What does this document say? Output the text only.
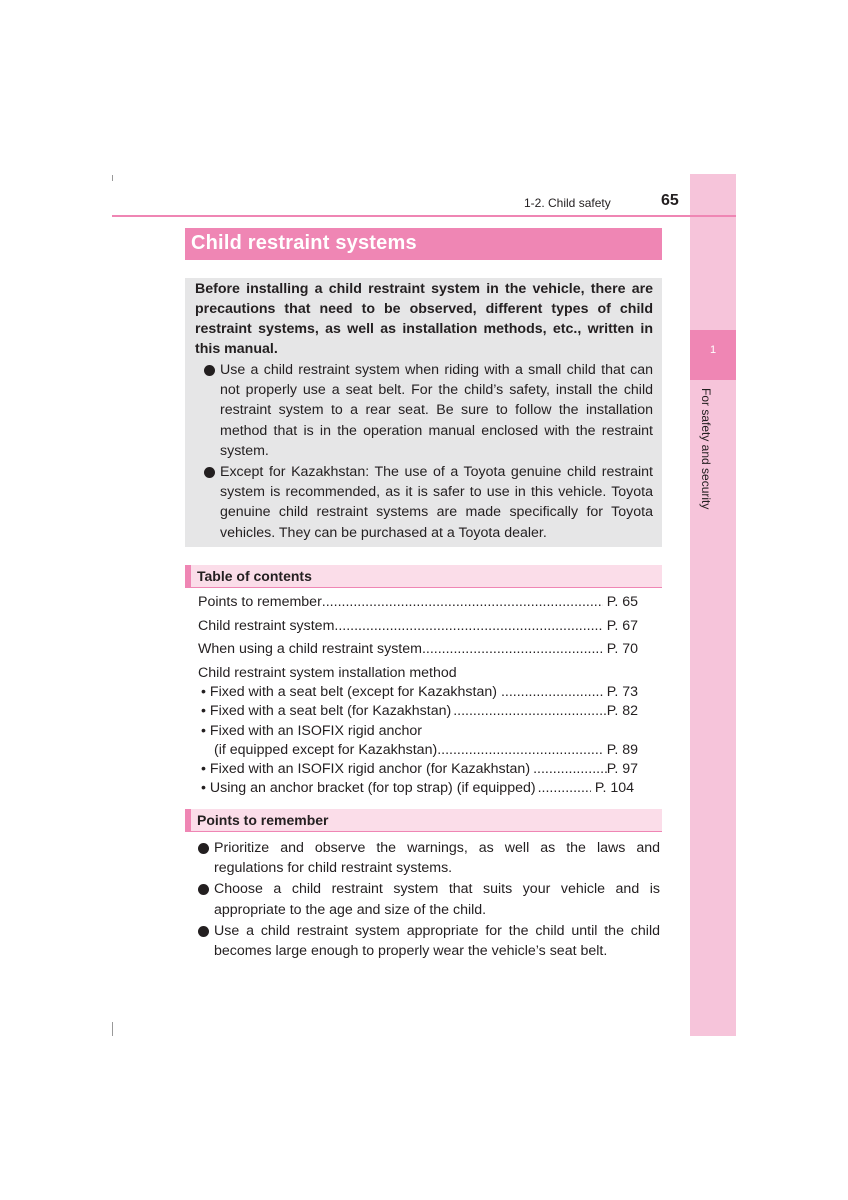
1
For safety and security
1-2. Child safety	65
Child restraint systems
Before installing a child restraint system in the vehicle, there are precautions that need to be observed, different types of child restraint systems, as well as installation methods, etc., written in this manual.
Use a child restraint system when riding with a small child that can not properly use a seat belt. For the child’s safety, install the child restraint system to a rear seat. Be sure to follow the installation method that is in the operation manual enclosed with the restraint system.
Except for Kazakhstan: The use of a Toyota genuine child restraint system is recommended, as it is safer to use in this vehicle. Toyota genuine child restraint systems are made specifically for Toyota vehicles. They can be purchased at a Toyota dealer.
Table of contents
Points to remember .....	P. 65
Child restraint system .....	P. 67
When using a child restraint system .....	P. 70
Child restraint system installation method
• Fixed with a seat belt (except for Kazakhstan) .....	P. 73
• Fixed with a seat belt (for Kazakhstan) .....	P. 82
• Fixed with an ISOFIX rigid anchor
(if equipped except for Kazakhstan) .....	P. 89
• Fixed with an ISOFIX rigid anchor (for Kazakhstan) .....	P. 97
• Using an anchor bracket (for top strap) (if equipped) .....	P. 104
Points to remember
Prioritize and observe the warnings, as well as the laws and regulations for child restraint systems.
Choose a child restraint system that suits your vehicle and is appropriate to the age and size of the child.
Use a child restraint system appropriate for the child until the child becomes large enough to properly wear the vehicle’s seat belt.
